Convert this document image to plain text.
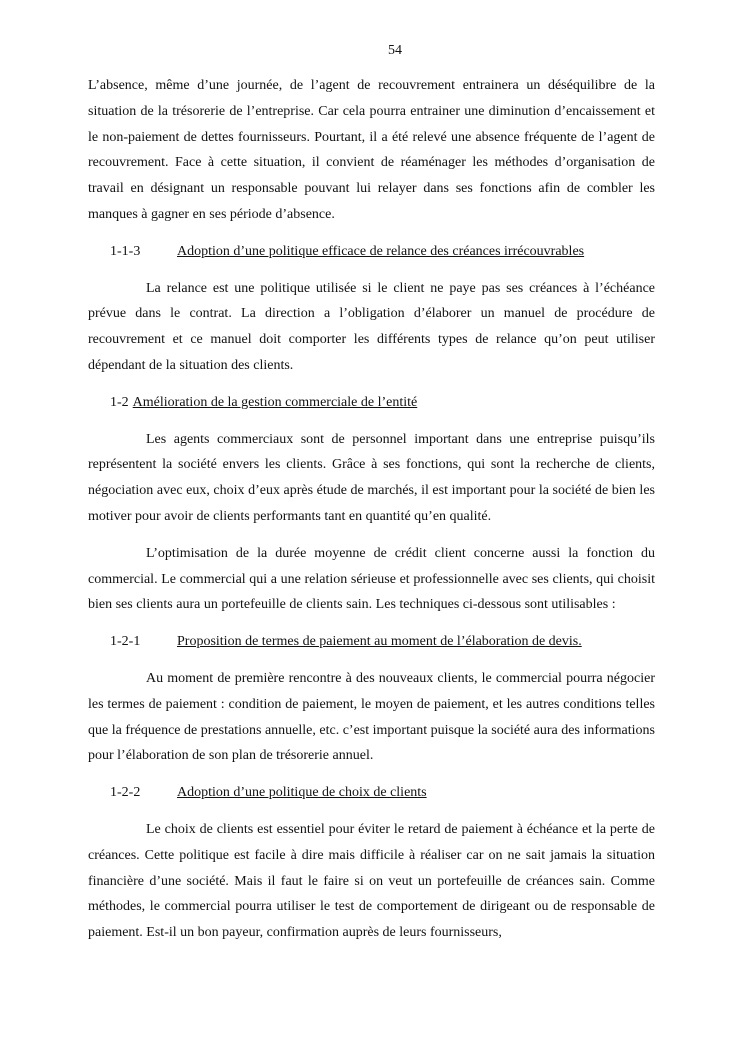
54

L’absence, même d’une journée, de l’agent de recouvrement entrainera un déséquilibre de la situation de la trésorerie de l’entreprise. Car cela pourra entrainer une diminution d’encaissement et le non-paiement de dettes fournisseurs. Pourtant, il a été relevé une absence fréquente de l’agent de recouvrement. Face à cette situation, il convient de réaménager les méthodes d’organisation de travail en désignant un responsable pouvant lui relayer dans ses fonctions afin de combler les manques à gagner en ses période d’absence.

1-1-3	Adoption d’une politique efficace de relance des créances irrécouvrables

La relance est une politique utilisée si le client ne paye pas ses créances à l’échéance prévue dans le contrat. La direction a l’obligation d’élaborer un manuel de procédure de recouvrement et ce manuel doit comporter les différents types de relance qu’on peut utiliser dépendant de la situation des clients.

1-2 Amélioration de la gestion commerciale de l’entité

Les agents commerciaux sont de personnel important dans une entreprise puisqu’ils représentent la société envers les clients. Grâce à ses fonctions, qui sont la recherche de clients, négociation avec eux, choix d’eux après étude de marchés, il est important pour la société de bien les motiver pour avoir de clients performants tant en quantité qu’en qualité.

L’optimisation de la durée moyenne de crédit client concerne aussi la fonction du commercial. Le commercial qui a une relation sérieuse et professionnelle avec ses clients, qui choisit bien ses clients aura un portefeuille de clients sain. Les techniques ci-dessous sont utilisables :

1-2-1	Proposition de termes de paiement au moment de l’élaboration de devis.

Au moment de première rencontre à des nouveaux clients, le commercial pourra négocier les termes de paiement : condition de paiement, le moyen de paiement, et les autres conditions telles que la fréquence de prestations annuelle, etc. c’est important puisque la société aura des informations pour l’élaboration de son plan de trésorerie annuel.

1-2-2	Adoption d’une politique de choix de clients

Le choix de clients est essentiel pour éviter le retard de paiement à échéance et la perte de créances. Cette politique est facile à dire mais difficile à réaliser car on ne sait jamais la situation financière d’une société. Mais il faut le faire si on veut un portefeuille de créances sain. Comme méthodes, le commercial pourra utiliser le test de comportement de dirigeant ou de responsable de paiement. Est-il un bon payeur, confirmation auprès de leurs fournisseurs,
